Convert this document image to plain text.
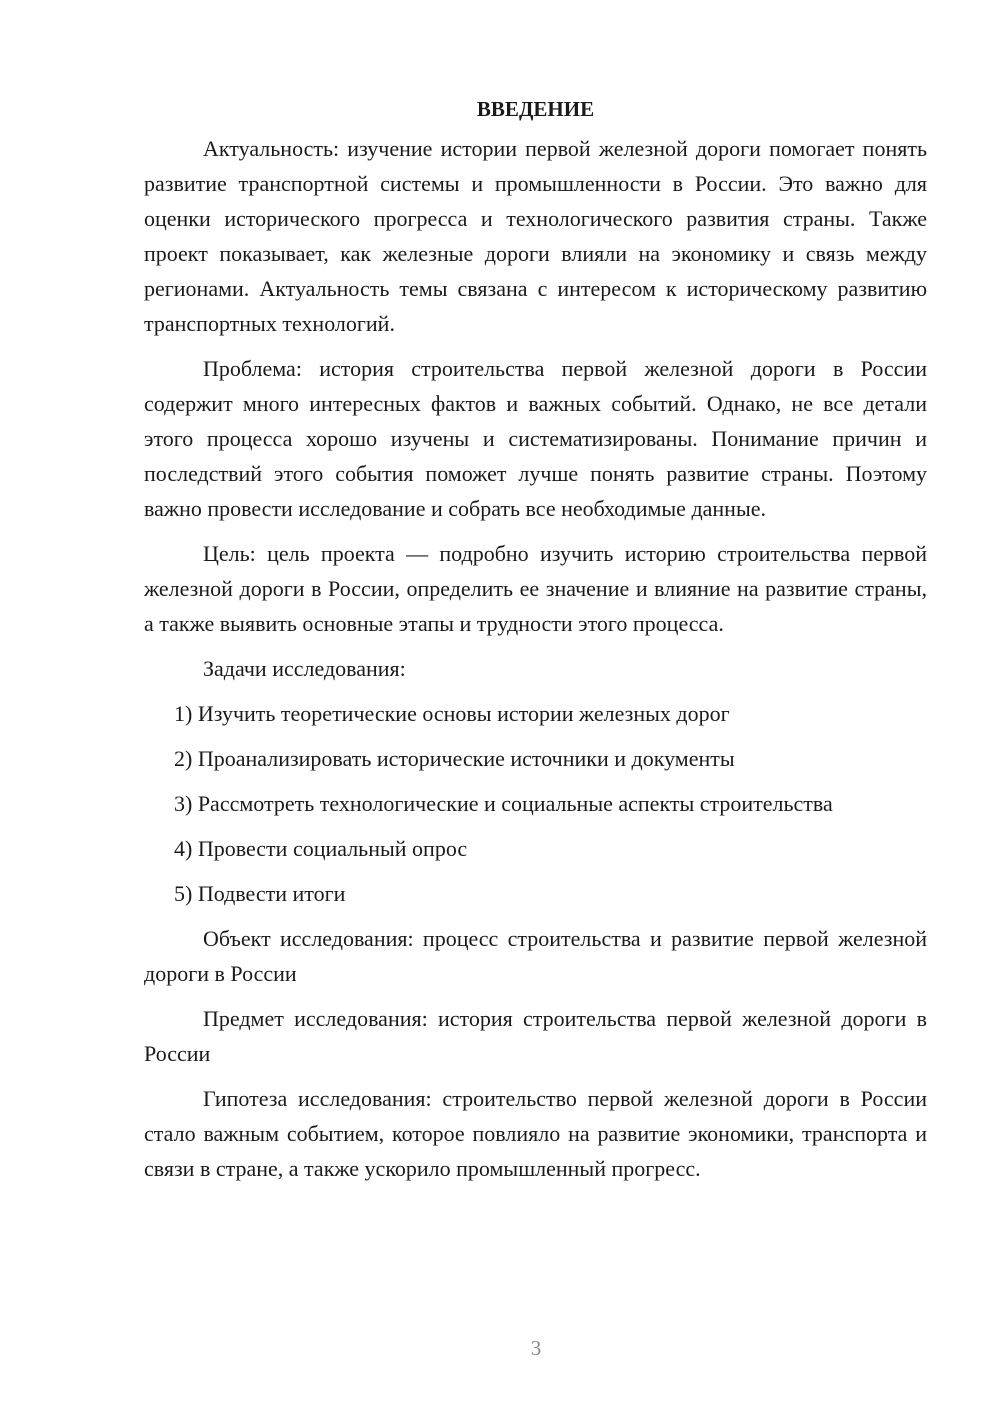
ВВЕДЕНИЕ

Актуальность: изучение истории первой железной дороги помогает понять развитие транспортной системы и промышленности в России. Это важно для оценки исторического прогресса и технологического развития страны. Также проект показывает, как железные дороги влияли на экономику и связь между регионами. Актуальность темы связана с интересом к историческому развитию транспортных технологий.

Проблема: история строительства первой железной дороги в России содержит много интересных фактов и важных событий. Однако, не все детали этого процесса хорошо изучены и систематизированы. Понимание причин и последствий этого события поможет лучше понять развитие страны. Поэтому важно провести исследование и собрать все необходимые данные.

Цель: цель проекта — подробно изучить историю строительства первой железной дороги в России, определить ее значение и влияние на развитие страны, а также выявить основные этапы и трудности этого процесса.

Задачи исследования:

1) Изучить теоретические основы истории железных дорог
2) Проанализировать исторические источники и документы
3) Рассмотреть технологические и социальные аспекты строительства
4) Провести социальный опрос
5) Подвести итоги

Объект исследования: процесс строительства и развитие первой железной дороги в России

Предмет исследования: история строительства первой железной дороги в России

Гипотеза исследования: строительство первой железной дороги в России стало важным событием, которое повлияло на развитие экономики, транспорта и связи в стране, а также ускорило промышленный прогресс.

3
